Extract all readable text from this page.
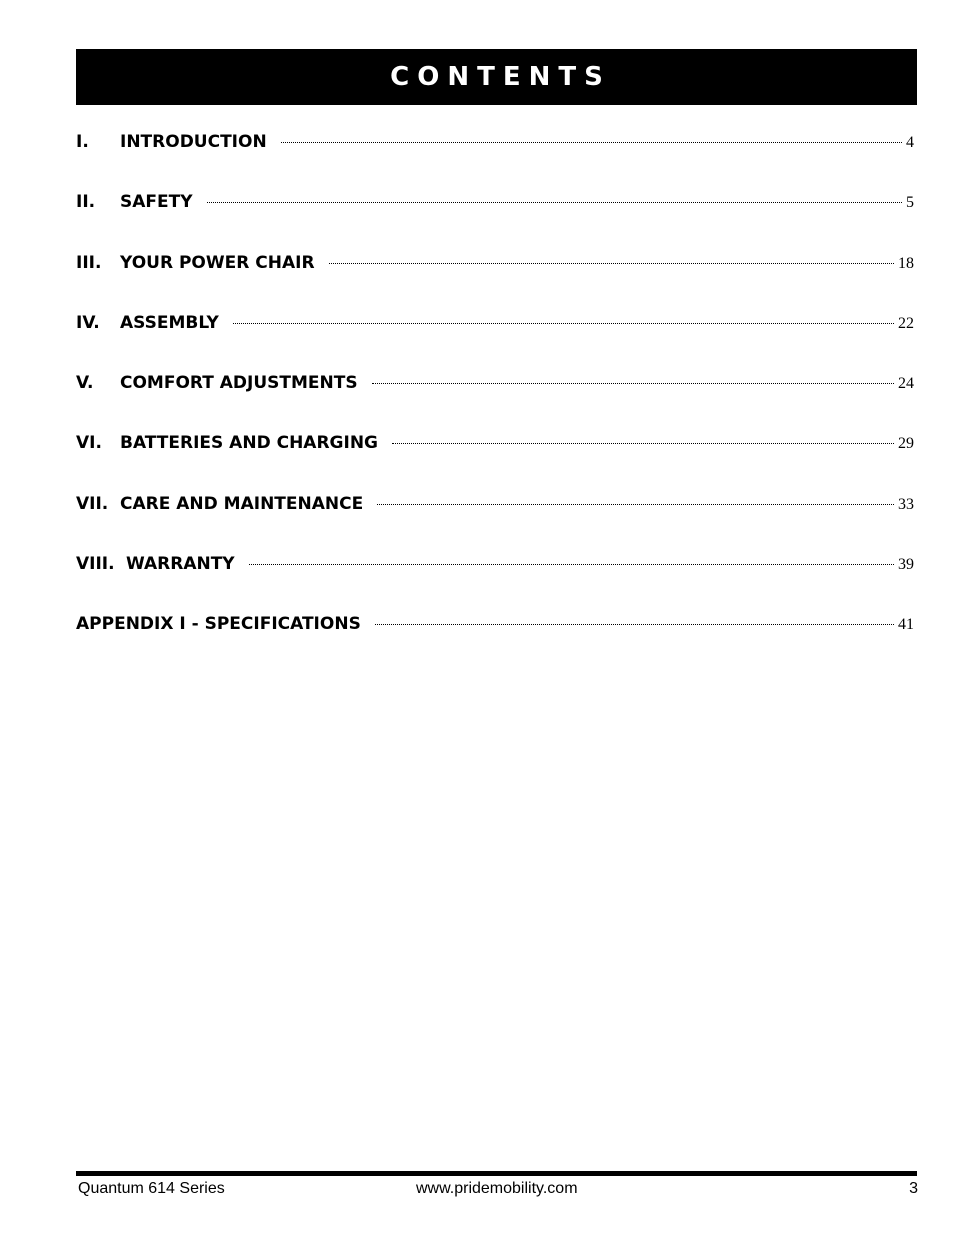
CONTENTS
I.	INTRODUCTION	4
II.	SAFETY	5
III.	YOUR POWER CHAIR	18
IV.	ASSEMBLY	22
V.	COMFORT ADJUSTMENTS	24
VI.	BATTERIES AND CHARGING	29
VII. CARE AND MAINTENANCE	33
VIII. WARRANTY	39
APPENDIX I - SPECIFICATIONS	41
Quantum 614 Series	www.pridemobility.com	3
